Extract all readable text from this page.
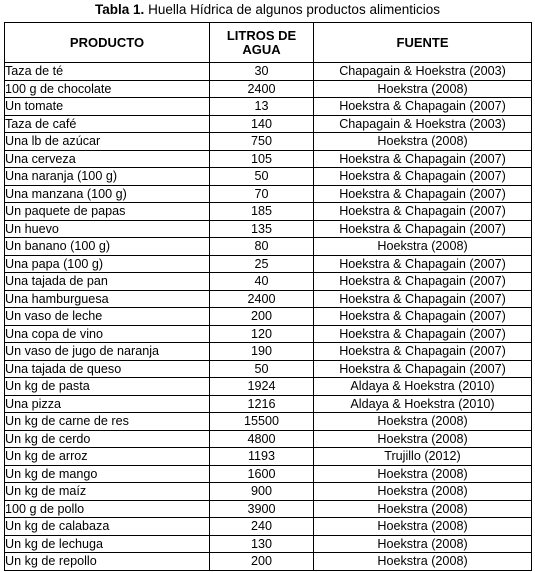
Tabla 1. Huella Hídrica de algunos productos alimenticios
PRODUCTO	LITROS DE AGUA	FUENTE
Taza de té	30	Chapagain & Hoekstra (2003)
100 g de chocolate	2400	Hoekstra (2008)
Un tomate	13	Hoekstra & Chapagain (2007)
Taza de café	140	Chapagain & Hoekstra (2003)
Una lb de azúcar	750	Hoekstra (2008)
Una cerveza	105	Hoekstra & Chapagain (2007)
Una naranja (100 g)	50	Hoekstra & Chapagain (2007)
Una manzana (100 g)	70	Hoekstra & Chapagain (2007)
Un paquete de papas	185	Hoekstra & Chapagain (2007)
Un huevo	135	Hoekstra & Chapagain (2007)
Un banano (100 g)	80	Hoekstra (2008)
Una papa (100 g)	25	Hoekstra & Chapagain (2007)
Una tajada de pan	40	Hoekstra & Chapagain (2007)
Una hamburguesa	2400	Hoekstra & Chapagain (2007)
Un vaso de leche	200	Hoekstra & Chapagain (2007)
Una copa de vino	120	Hoekstra & Chapagain (2007)
Un vaso de jugo de naranja	190	Hoekstra & Chapagain (2007)
Una tajada de queso	50	Hoekstra & Chapagain (2007)
Un kg de pasta	1924	Aldaya & Hoekstra (2010)
Una pizza	1216	Aldaya & Hoekstra (2010)
Un kg de carne de res	15500	Hoekstra (2008)
Un kg de cerdo	4800	Hoekstra (2008)
Un kg de arroz	1193	Trujillo (2012)
Un kg de mango	1600	Hoekstra (2008)
Un kg de maíz	900	Hoekstra (2008)
100 g de pollo	3900	Hoekstra (2008)
Un kg de calabaza	240	Hoekstra (2008)
Un kg de lechuga	130	Hoekstra (2008)
Un kg de repollo	200	Hoekstra (2008)
